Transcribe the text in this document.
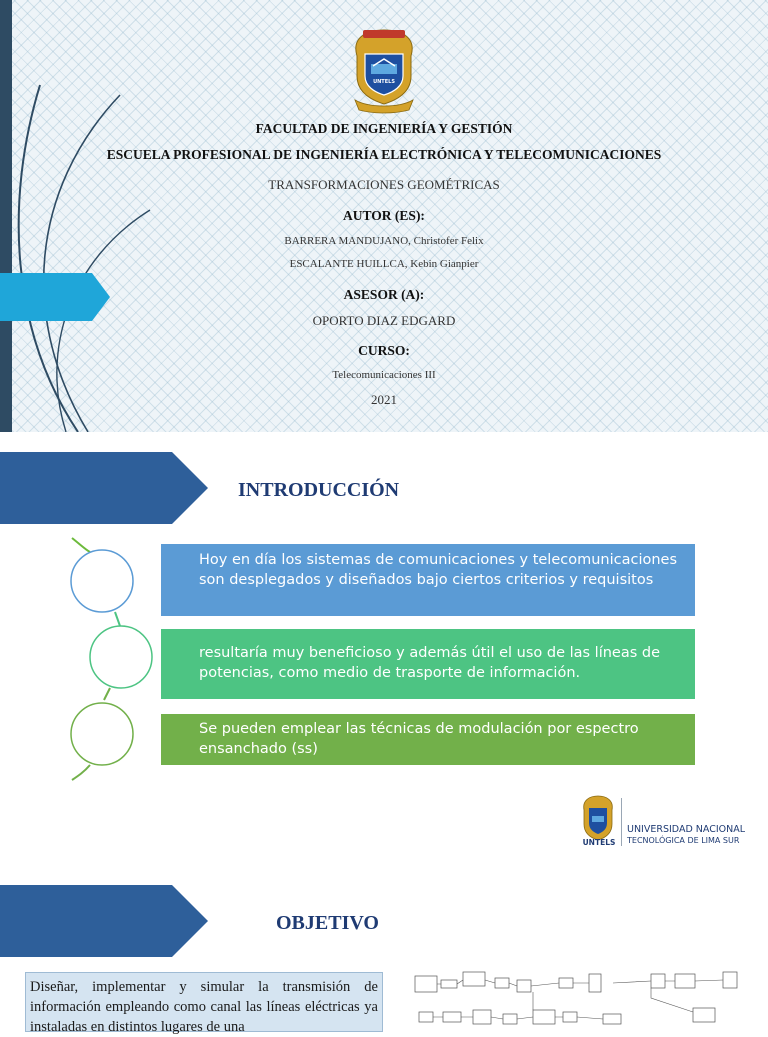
UNTELS
FACULTAD DE INGENIERÍA Y GESTIÓN
ESCUELA PROFESIONAL DE INGENIERÍA ELECTRÓNICA Y TELECOMUNICACIONES
TRANSFORMACIONES GEOMÉTRICAS
AUTOR (ES):
BARRERA MANDUJANO, Christofer Felix
ESCALANTE HUILLCA, Kebin Gianpier
ASESOR (A):
OPORTO DIAZ EDGARD
CURSO:
Telecomunicaciones III
2021
INTRODUCCIÓN
Hoy en día los sistemas de comunicaciones y telecomunicaciones son desplegados y diseñados bajo ciertos criterios y requisitos
resultaría muy beneficioso y además útil el uso de las líneas de potencias, como medio de trasporte de información.
Se pueden emplear las técnicas de modulación por espectro ensanchado (ss)
UNTELS
UNIVERSIDAD NACIONAL
TECNOLÓGICA DE LIMA SUR
OBJETIVO
Diseñar, implementar y simular la transmisión de información empleando como canal las líneas eléctricas ya instaladas en distintos lugares de una
